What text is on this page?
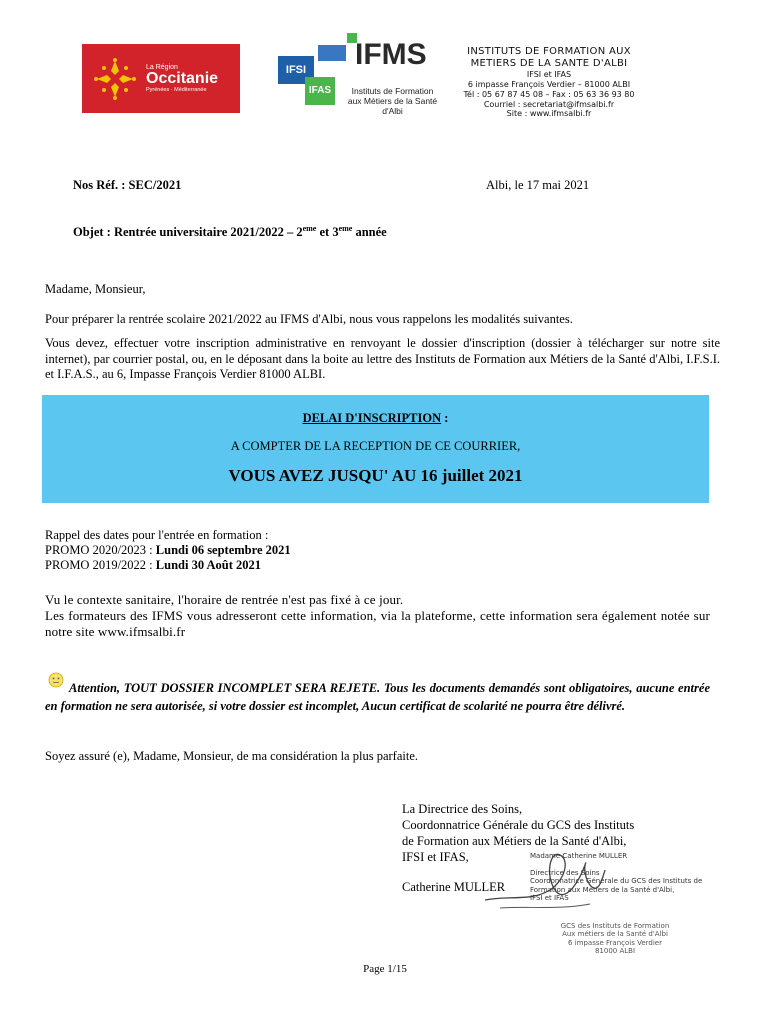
La Région
Occitanie
Pyrénées · Méditerranée
IFSI
IFAS
IFMS
Instituts de Formation
aux Métiers de la Santé
d'Albi
INSTITUTS DE FORMATION AUX
METIERS DE LA SANTE D'ALBI
IFSI et IFAS
6 impasse François Verdier – 81000 ALBI
Tél : 05 67 87 45 08 – Fax : 05 63 36 93 80
Courriel : secretariat@ifmsalbi.fr
Site : www.ifmsalbi.fr
Nos Réf. : SEC/2021	Albi, le 17 mai 2021
Objet : Rentrée universitaire 2021/2022 – 2eme et 3eme année
Madame, Monsieur,
Pour préparer la rentrée scolaire 2021/2022 au IFMS d'Albi, nous vous rappelons les modalités suivantes.
Vous devez, effectuer votre inscription administrative en renvoyant le dossier d'inscription (dossier à télécharger sur notre site internet), par courrier postal, ou, en le déposant dans la boite au lettre des Instituts de Formation aux Métiers de la Santé d'Albi, I.F.S.I. et I.F.A.S., au 6, Impasse François Verdier 81000 ALBI.
DELAI D'INSCRIPTION :
A COMPTER DE LA RECEPTION DE CE COURRIER,
VOUS AVEZ JUSQU' AU 16 juillet 2021
Rappel des dates pour l'entrée en formation :
PROMO 2020/2023 : Lundi 06 septembre 2021
PROMO 2019/2022 : Lundi 30 Août 2021
Vu le contexte sanitaire, l'horaire de rentrée n'est pas fixé à ce jour.
Les formateurs des IFMS vous adresseront cette information, via la plateforme, cette information sera également notée sur notre site www.ifmsalbi.fr
Attention, TOUT DOSSIER INCOMPLET SERA REJETE. Tous les documents demandés sont obligatoires, aucune entrée en formation ne sera autorisée, si votre dossier est incomplet, Aucun certificat de scolarité ne pourra être délivré.
Soyez assuré (e), Madame, Monsieur, de ma considération la plus parfaite.
La Directrice des Soins,
Coordonnatrice Générale du GCS des Instituts
de Formation aux Métiers de la Santé d'Albi,
IFSI et IFAS,
Catherine MULLER
Madame Catherine MULLER

Directrice des Soins
Coordonnatrice Générale du GCS des Instituts de
Formation aux Métiers de la Santé d'Albi,
IFSI et IFAS
GCS des Instituts de Formation
Aux métiers de la Santé d'Albi
6 impasse François Verdier
81000 ALBI
Page 1/15
